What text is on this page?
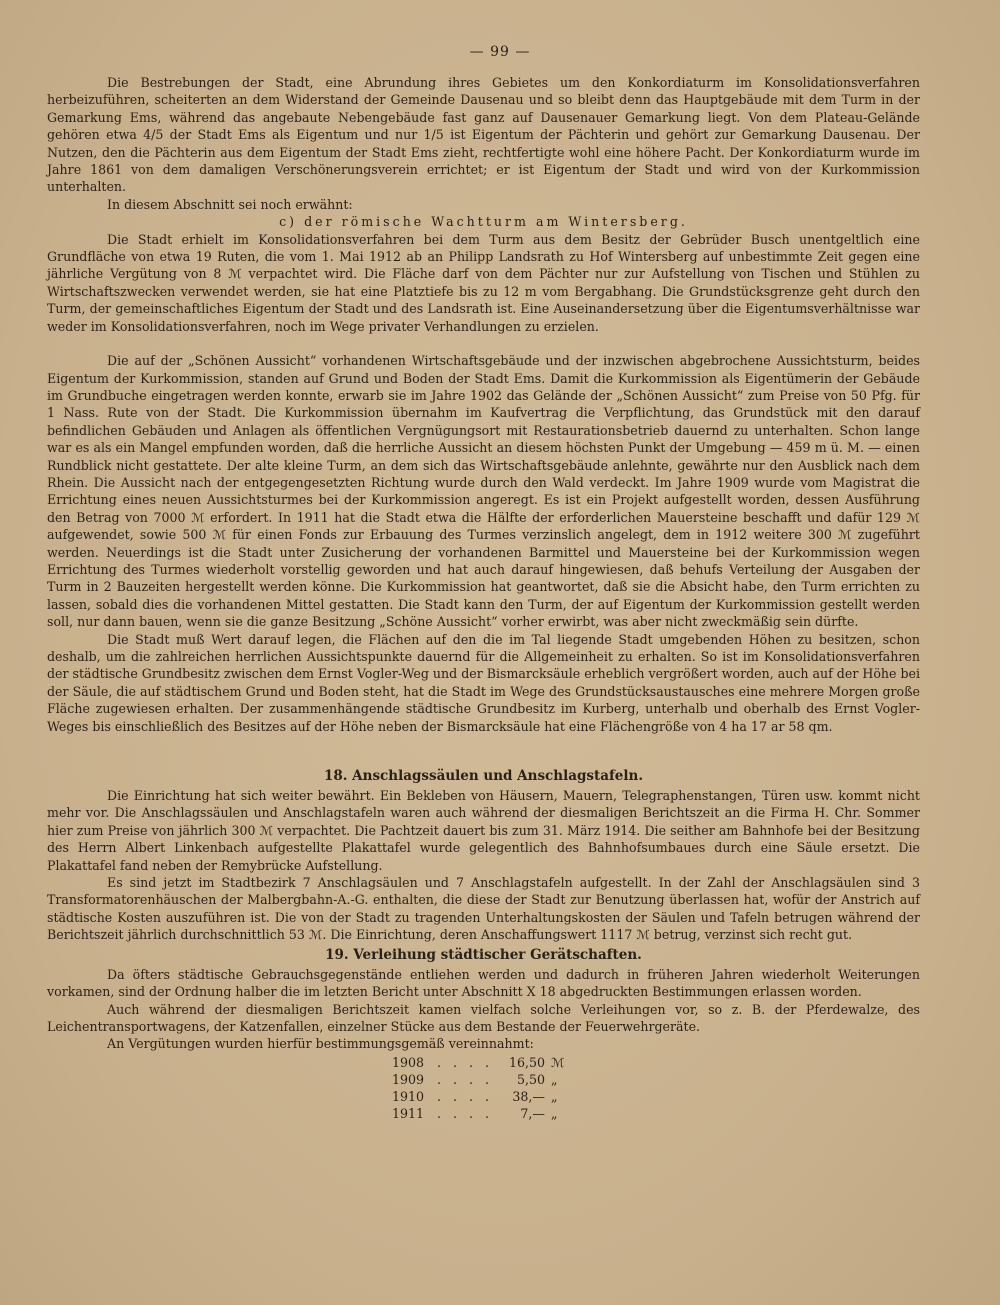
— 99 —

Die Bestrebungen der Stadt, eine Abrundung ihres Gebietes um den Konkordiaturm im Konsolidationsverfahren herbeizuführen, scheiterten an dem Widerstand der Gemeinde Dausenau und so bleibt denn das Hauptgebäude mit dem Turm in der Gemarkung Ems, während das angebaute Nebengebäude fast ganz auf Dausenauer Gemarkung liegt. Von dem Plateau-Gelände gehören etwa 4/5 der Stadt Ems als Eigentum und nur 1/5 ist Eigentum der Pächterin und gehört zur Gemarkung Dausenau. Der Nutzen, den die Pächterin aus dem Eigentum der Stadt Ems zieht, rechtfertigte wohl eine höhere Pacht. Der Konkordiaturm wurde im Jahre 1861 von dem damaligen Verschönerungsverein errichtet; er ist Eigentum der Stadt und wird von der Kurkommission unterhalten.

In diesem Abschnitt sei noch erwähnt:

c) der römische Wachtturm am Wintersberg.

Die Stadt erhielt im Konsolidationsverfahren bei dem Turm aus dem Besitz der Gebrüder Busch unentgeltlich eine Grundfläche von etwa 19 Ruten, die vom 1. Mai 1912 ab an Philipp Landsrath zu Hof Wintersberg auf unbestimmte Zeit gegen eine jährliche Vergütung von 8 ℳ verpachtet wird. Die Fläche darf von dem Pächter nur zur Aufstellung von Tischen und Stühlen zu Wirtschaftszwecken verwendet werden, sie hat eine Platztiefe bis zu 12 m vom Bergabhang. Die Grundstücksgrenze geht durch den Turm, der gemeinschaftliches Eigentum der Stadt und des Landsrath ist. Eine Auseinandersetzung über die Eigentumsverhältnisse war weder im Konsolidationsverfahren, noch im Wege privater Verhandlungen zu erzielen.

Die auf der „Schönen Aussicht“ vorhandenen Wirtschaftsgebäude und der inzwischen abgebrochene Aussichtsturm, beides Eigentum der Kurkommission, standen auf Grund und Boden der Stadt Ems. Damit die Kurkommission als Eigentümerin der Gebäude im Grundbuche eingetragen werden konnte, erwarb sie im Jahre 1902 das Gelände der „Schönen Aussicht“ zum Preise von 50 Pfg. für 1 Nass. Rute von der Stadt. Die Kurkommission übernahm im Kaufvertrag die Verpflichtung, das Grundstück mit den darauf befindlichen Gebäuden und Anlagen als öffentlichen Vergnügungsort mit Restaurationsbetrieb dauernd zu unterhalten. Schon lange war es als ein Mangel empfunden worden, daß die herrliche Aussicht an diesem höchsten Punkt der Umgebung — 459 m ü. M. — einen Rundblick nicht gestattete. Der alte kleine Turm, an dem sich das Wirtschaftsgebäude anlehnte, gewährte nur den Ausblick nach dem Rhein. Die Aussicht nach der entgegengesetzten Richtung wurde durch den Wald verdeckt. Im Jahre 1909 wurde vom Magistrat die Errichtung eines neuen Aussichtsturmes bei der Kurkommission angeregt. Es ist ein Projekt aufgestellt worden, dessen Ausführung den Betrag von 7000 ℳ erfordert. In 1911 hat die Stadt etwa die Hälfte der erforderlichen Mauersteine beschafft und dafür 129 ℳ aufgewendet, sowie 500 ℳ für einen Fonds zur Erbauung des Turmes verzinslich angelegt, dem in 1912 weitere 300 ℳ zugeführt werden. Neuerdings ist die Stadt unter Zusicherung der vorhandenen Barmittel und Mauersteine bei der Kurkommission wegen Errichtung des Turmes wiederholt vorstellig geworden und hat auch darauf hingewiesen, daß behufs Verteilung der Ausgaben der Turm in 2 Bauzeiten hergestellt werden könne. Die Kurkommission hat geantwortet, daß sie die Absicht habe, den Turm errichten zu lassen, sobald dies die vorhandenen Mittel gestatten. Die Stadt kann den Turm, der auf Eigentum der Kurkommission gestellt werden soll, nur dann bauen, wenn sie die ganze Besitzung „Schöne Aussicht“ vorher erwirbt, was aber nicht zweckmäßig sein dürfte.

Die Stadt muß Wert darauf legen, die Flächen auf den die im Tal liegende Stadt umgebenden Höhen zu besitzen, schon deshalb, um die zahlreichen herrlichen Aussichtspunkte dauernd für die Allgemeinheit zu erhalten. So ist im Konsolidationsverfahren der städtische Grundbesitz zwischen dem Ernst Vogler-Weg und der Bismarcksäule erheblich vergrößert worden, auch auf der Höhe bei der Säule, die auf städtischem Grund und Boden steht, hat die Stadt im Wege des Grundstücksaustausches eine mehrere Morgen große Fläche zugewiesen erhalten. Der zusammenhängende städtische Grundbesitz im Kurberg, unterhalb und oberhalb des Ernst Vogler-Weges bis einschließlich des Besitzes auf der Höhe neben der Bismarcksäule hat eine Flächengröße von 4 ha 17 ar 58 qm.

18. Anschlagssäulen und Anschlagstafeln.

Die Einrichtung hat sich weiter bewährt. Ein Bekleben von Häusern, Mauern, Telegraphenstangen, Türen usw. kommt nicht mehr vor. Die Anschlagssäulen und Anschlagstafeln waren auch während der diesmaligen Berichtszeit an die Firma H. Chr. Sommer hier zum Preise von jährlich 300 ℳ verpachtet. Die Pachtzeit dauert bis zum 31. März 1914. Die seither am Bahnhofe bei der Besitzung des Herrn Albert Linkenbach aufgestellte Plakattafel wurde gelegentlich des Bahnhofsumbaues durch eine Säule ersetzt. Die Plakattafel fand neben der Remybrücke Aufstellung.

Es sind jetzt im Stadtbezirk 7 Anschlagsäulen und 7 Anschlagstafeln aufgestellt. In der Zahl der Anschlagsäulen sind 3 Transformatorenhäuschen der Malbergbahn-A.-G. enthalten, die diese der Stadt zur Benutzung überlassen hat, wofür der Anstrich auf städtische Kosten auszuführen ist. Die von der Stadt zu tragenden Unterhaltungskosten der Säulen und Tafeln betrugen während der Berichtszeit jährlich durchschnittlich 53 ℳ. Die Einrichtung, deren Anschaffungswert 1117 ℳ betrug, verzinst sich recht gut.

19. Verleihung städtischer Gerätschaften.

Da öfters städtische Gebrauchsgegenstände entliehen werden und dadurch in früheren Jahren wiederholt Weiterungen vorkamen, sind der Ordnung halber die im letzten Bericht unter Abschnitt X 18 abgedruckten Bestimmungen erlassen worden.

Auch während der diesmaligen Berichtszeit kamen vielfach solche Verleihungen vor, so z. B. der Pferdewalze, des Leichentransportwagens, der Katzenfallen, einzelner Stücke aus dem Bestande der Feuerwehrgeräte.

An Vergütungen wurden hierfür bestimmungsgemäß vereinnahmt:

1908	. . . .	16,50 ℳ
1909	. . . .	5,50 „
1910	. . . .	38,— „
1911	. . . .	7,— „
